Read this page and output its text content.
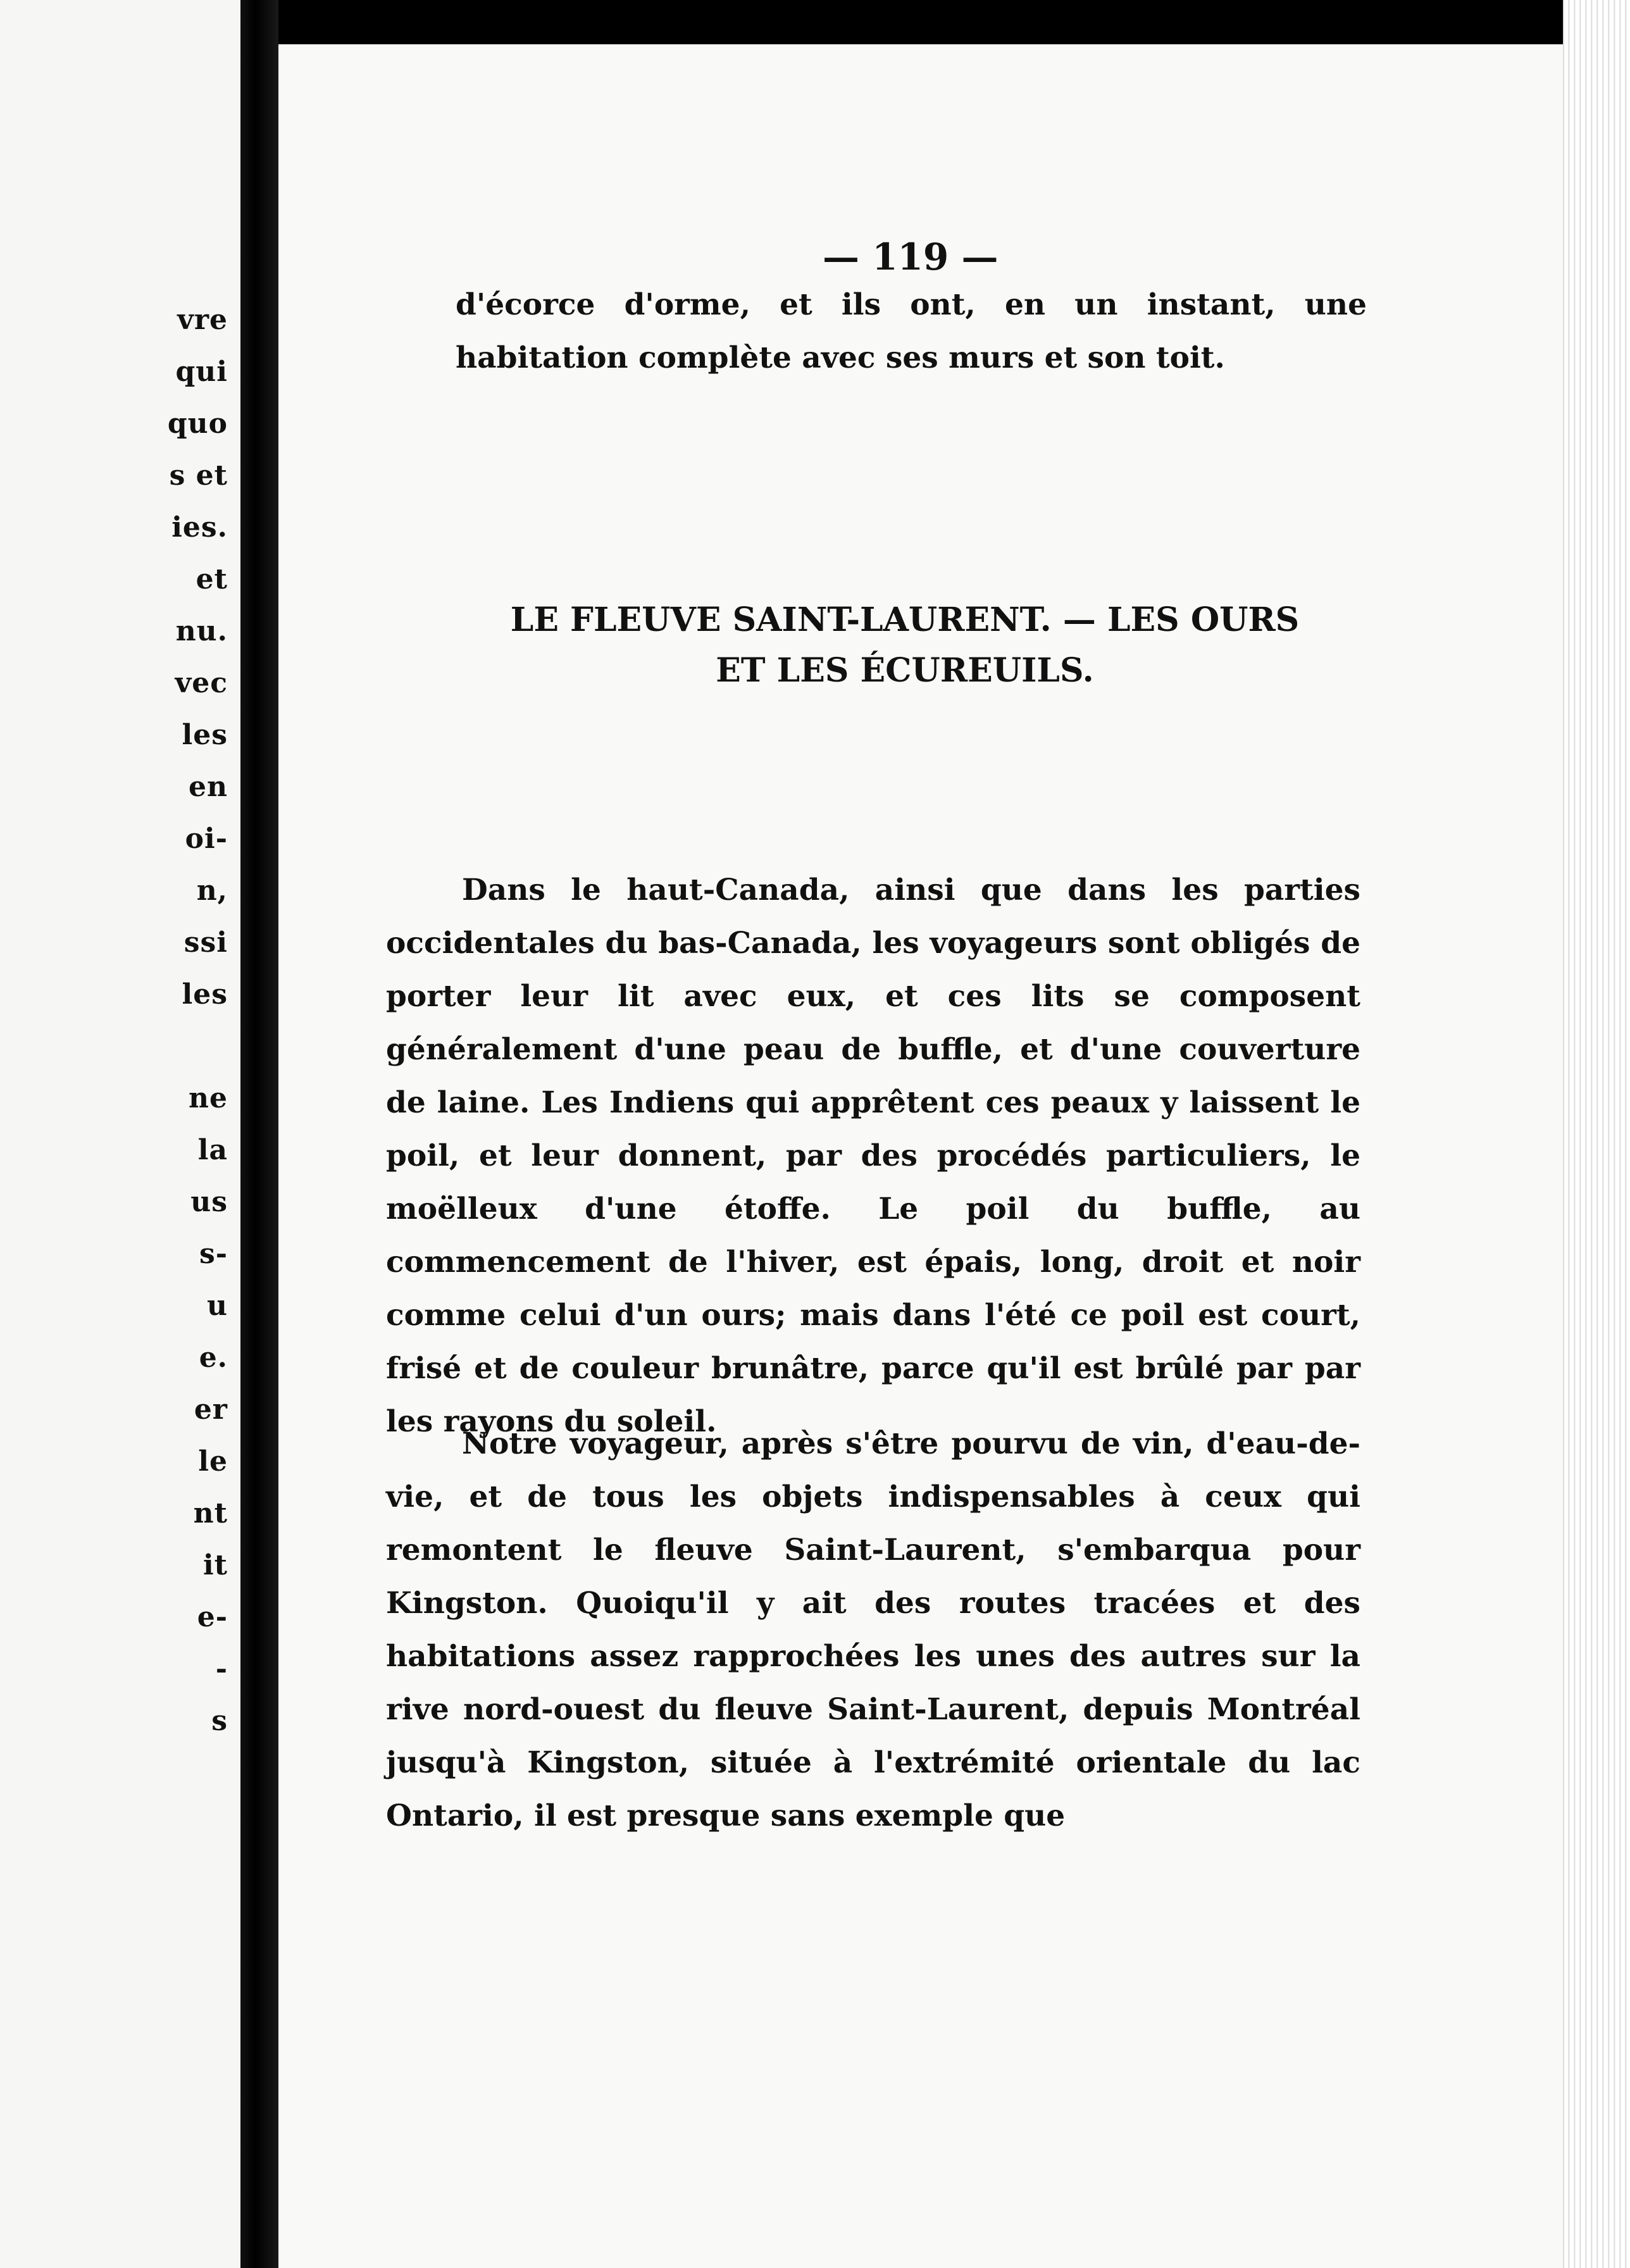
vre
qui
quo
s et
ies.
et
nu.
vec
les
en
oi-
n,
ssi
les
ne
la
us
s-
u
e.
er
le
nt
it
e-
-
s
— 119 —
d'écorce d'orme, et ils ont, en un instant, une habitation complète avec ses murs et son toit.
LE FLEUVE SAINT-LAURENT. — LES OURS ET LES ÉCUREUILS.

Dans le haut-Canada, ainsi que dans les parties occidentales du bas-Canada, les voyageurs sont obligés de porter leur lit avec eux, et ces lits se composent généralement d'une peau de buffle, et d'une couverture de laine. Les Indiens qui apprêtent ces peaux y laissent le poil, et leur donnent, par des procédés particuliers, le moëlleux d'une étoffe. Le poil du buffle, au commencement de l'hiver, est épais, long, droit et noir comme celui d'un ours; mais dans l'été ce poil est court, frisé et de couleur brunâtre, parce qu'il est brûlé par par les rayons du soleil.

Notre voyageur, après s'être pourvu de vin, d'eau-de-vie, et de tous les objets indispensables à ceux qui remontent le fleuve Saint-Laurent, s'embarqua pour Kingston. Quoiqu'il y ait des routes tracées et des habitations assez rapprochées les unes des autres sur la rive nord-ouest du fleuve Saint-Laurent, depuis Montréal jusqu'à Kingston, située à l'extrémité orientale du lac Ontario, il est presque sans exemple que
